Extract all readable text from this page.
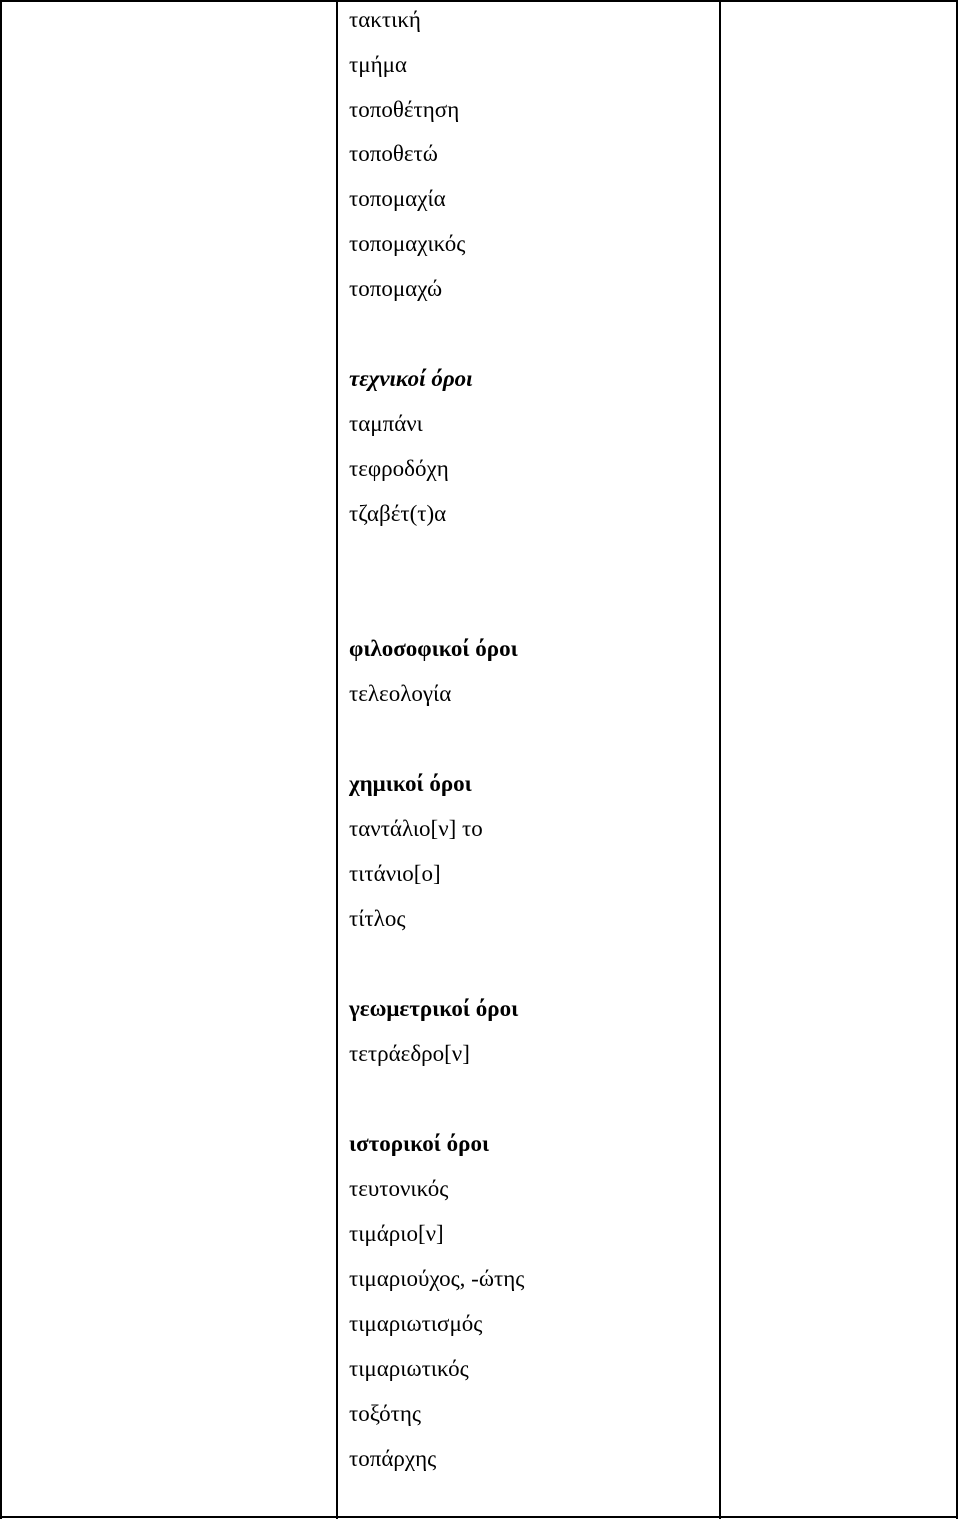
τακτική
τμήμα
τοποθέτηση
τοποθετώ
τοπομαχία
τοπομαχικός
τοπομαχώ
τεχνικοί όροι
ταμπάνι
τεφροδόχη
τζαβέτ(τ)α
φιλοσοφικοί όροι
τελεολογία
χημικοί όροι
ταντάλιο[ν] το
τιτάνιο[ο]
τίτλος
γεωμετρικοί όροι
τετράεδρο[ν]
ιστορικοί όροι
τευτονικός
τιμάριο[ν]
τιμαριούχος, -ώτης
τιμαριωτισμός
τιμαριωτικός
τοξότης
τοπάρχης
